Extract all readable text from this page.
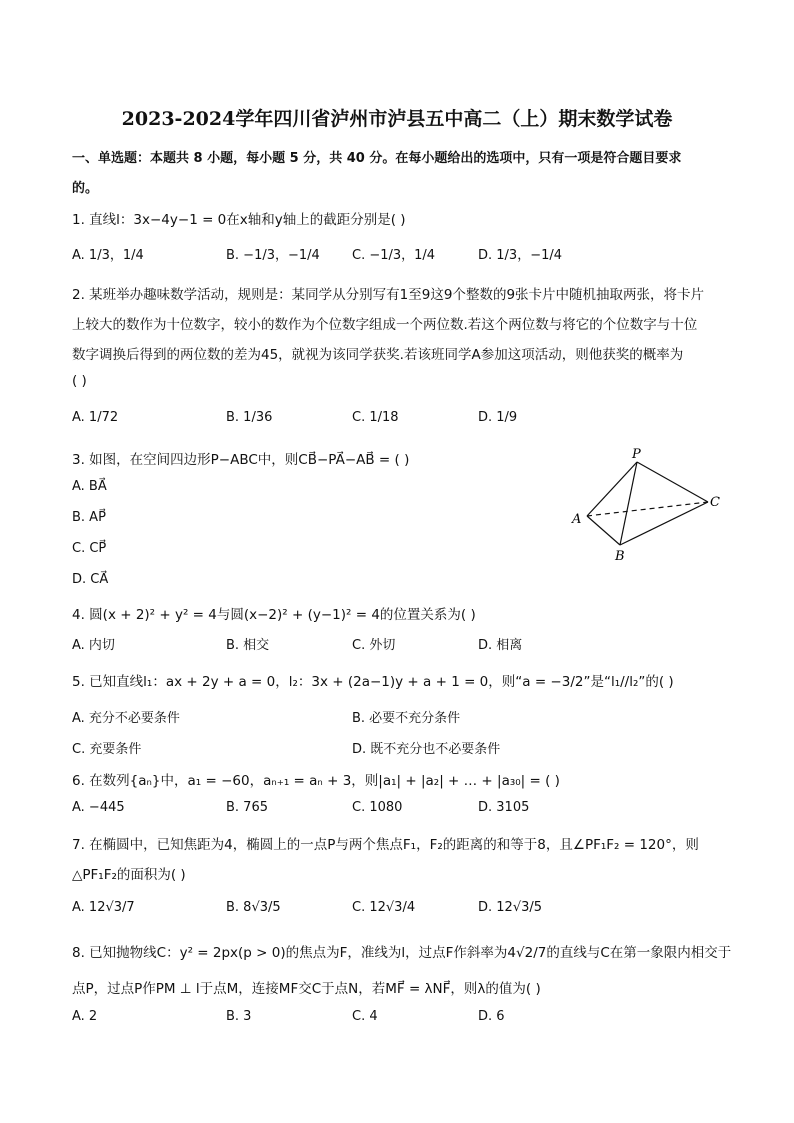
2023-2024学年四川省泸州市泸县五中高二（上）期末数学试卷
一、单选题：本题共 8 小题，每小题 5 分，共 40 分。在每小题给出的选项中，只有一项是符合题目要求
的。
1. 直线l：3x−4y−1 = 0在x轴和y轴上的截距分别是( )
A. 1/3，1/4	B. −1/3，−1/4 C. −1/3，1/4	D. 1/3，−1/4
2. 某班举办趣味数学活动，规则是：某同学从分别写有1至9这9个整数的9张卡片中随机抽取两张，将卡片
上较大的数作为十位数字，较小的数作为个位数字组成一个两位数.若这个两位数与将它的个位数字与十位
数字调换后得到的两位数的差为45，就视为该同学获奖.若该班同学A参加这项活动，则他获奖的概率为
( )
A. 1/72	B. 1/36	C. 1/18	D. 1/9
3. 如图，在空间四边形P−ABC中，则CB⃗−PA⃗−AB⃗ = ( )
A. BA⃗
B. AP⃗
C. CP⃗
D. CA⃗
P
A
B
C
4. 圆(x + 2)² + y² = 4与圆(x−2)² + (y−1)² = 4的位置关系为( )
A. 内切	B. 相交	C. 外切	D. 相离
5. 已知直线l₁：ax + 2y + a = 0，l₂：3x + (2a−1)y + a + 1 = 0，则“a = −3/2”是“l₁//l₂”的( )
A. 充分不必要条件	B. 必要不充分条件
C. 充要条件	D. 既不充分也不必要条件
6. 在数列{aₙ}中，a₁ = −60，aₙ₊₁ = aₙ + 3，则|a₁| + |a₂| + … + |a₃₀| = ( )
A. −445	B. 765	C. 1080	D. 3105
7. 在椭圆中，已知焦距为4，椭圆上的一点P与两个焦点F₁，F₂的距离的和等于8，且∠PF₁F₂ = 120°，则
△PF₁F₂的面积为( )
A. 12√3/7	B. 8√3/5	C. 12√3/4	D. 12√3/5
8. 已知抛物线C：y² = 2px(p > 0)的焦点为F，准线为l，过点F作斜率为4√2/7的直线与C在第一象限内相交于
点P，过点P作PM ⊥ l于点M，连接MF交C于点N，若MF⃗ = λNF⃗，则λ的值为( )
A. 2	B. 3	C. 4	D. 6
